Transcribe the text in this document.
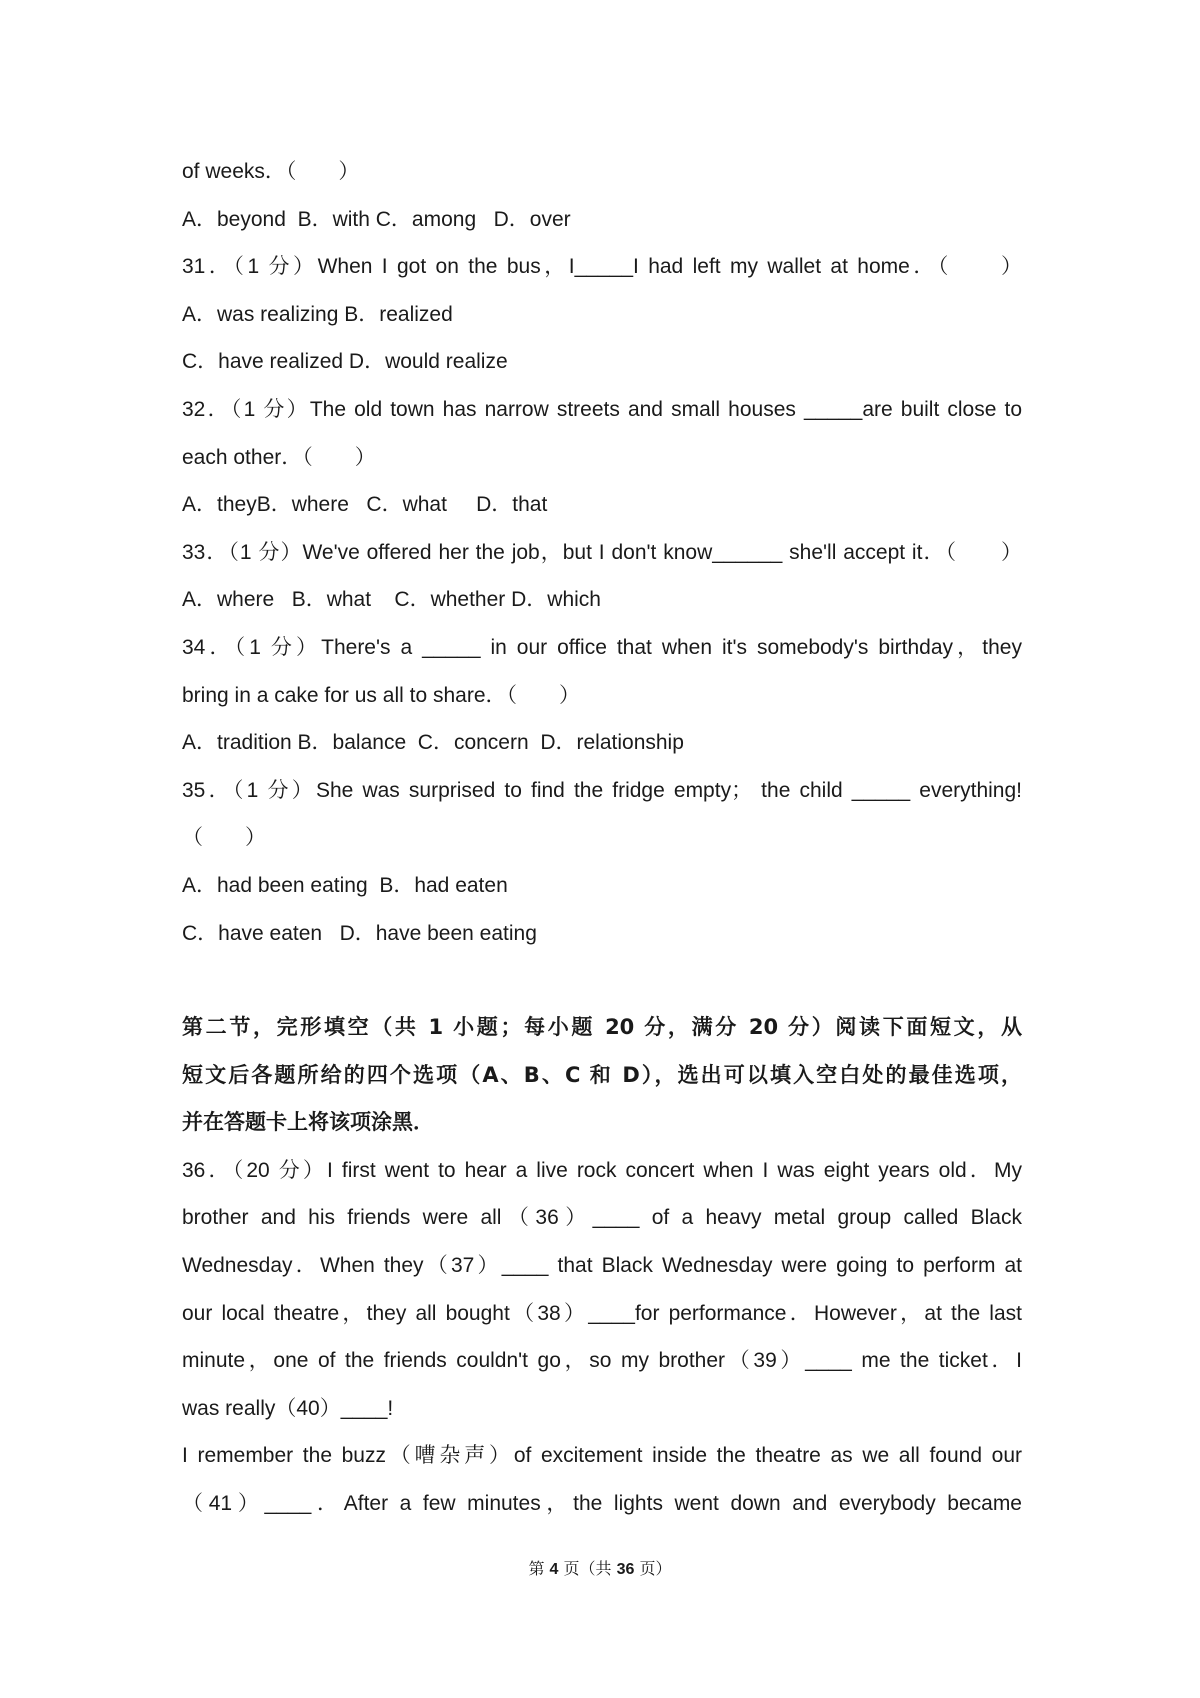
of weeks．（　　）

A．beyond  B．with C．among   D．over

31．（1 分）When I got on the bus，I_____I had left my wallet at home．（　　）

A．was realizing B．realized

C．have realized D．would realize

32．（1 分）The old town has narrow streets and small houses _____are built close to

each other．（　　）

A．theyB．where   C．what     D．that

33．（1 分）We've offered her the job，but I don't know______ she'll accept it．（　　）

A．where   B．what    C．whether D．which

34．（1 分）There's a _____ in our office that when it's somebody's birthday，they

bring in a cake for us all to share．（　　）

A．tradition B．balance  C．concern  D．relationship

35．（1 分）She was surprised to find the fridge empty； the child _____ everything!

（　　）

A．had been eating  B．had eaten

C．have eaten   D．have been eating

第二节，完形填空（共 1 小题；每小题 20 分，满分 20 分）阅读下面短文，从
短文后各题所给的四个选项（A、B、C 和 D），选出可以填入空白处的最佳选项，
并在答题卡上将该项涂黑．

36．（20 分）I first went to hear a live rock concert when I was eight years old．My

brother and his friends were all（36）____ of a heavy metal group called Black

Wednesday．When they（37）____ that Black Wednesday were going to perform at

our local theatre，they all bought（38）____for performance．However，at the last

minute，one of the friends couldn't go，so my brother（39）____ me the ticket．I

was really（40）____!

I remember the buzz（嘈杂声）of excitement inside the theatre as we all found our

（41）____．After a few minutes，the lights went down and everybody became

第 4 页（共 36 页）
